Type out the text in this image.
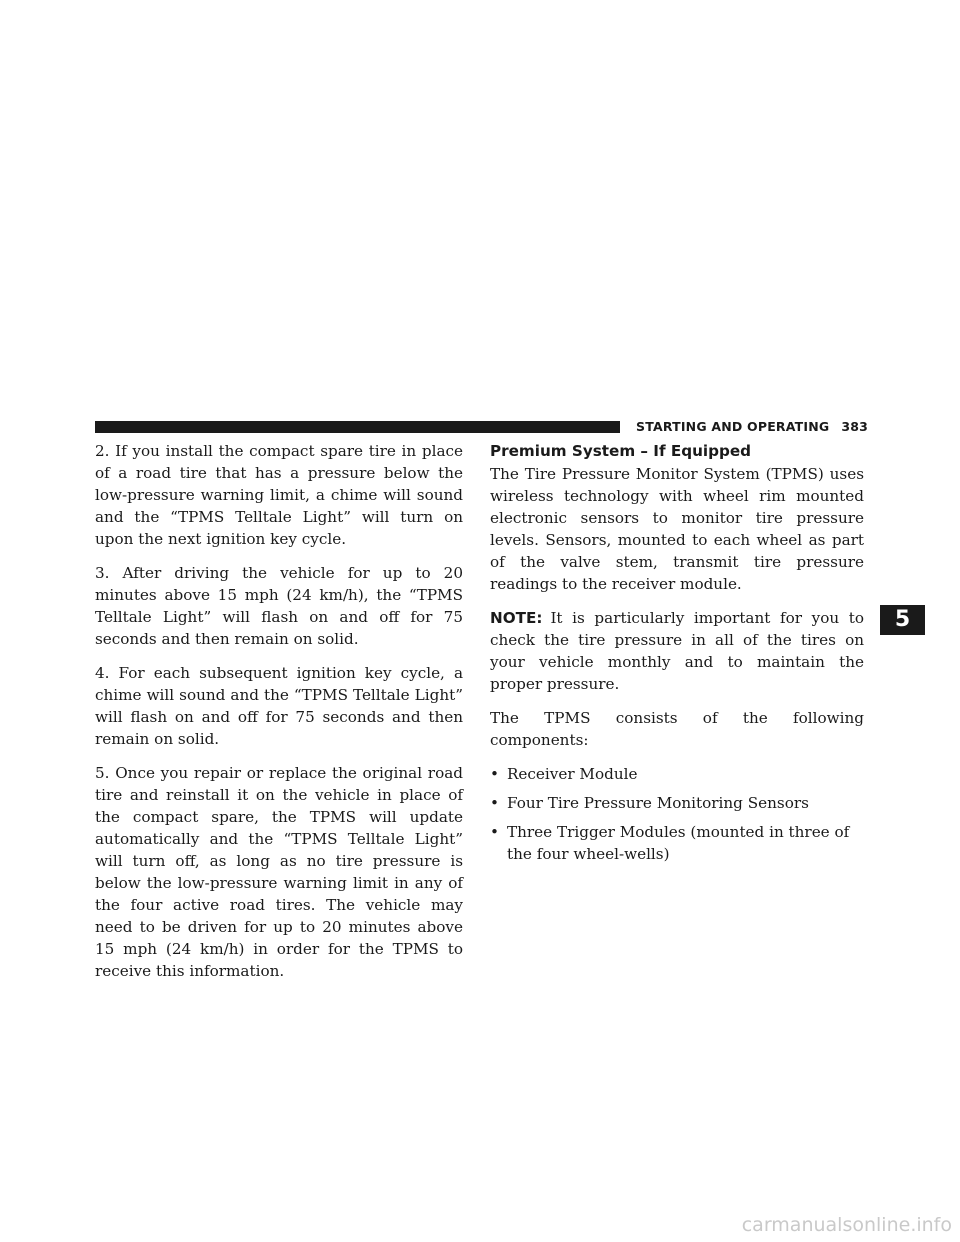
STARTING AND OPERATING 383

2. If you install the compact spare tire in place of a road tire that has a pressure below the low-pressure warning limit, a chime will sound and the “TPMS Telltale Light” will turn on upon the next ignition key cycle.

3. After driving the vehicle for up to 20 minutes above 15 mph (24 km/h), the “TPMS Telltale Light” will flash on and off for 75 seconds and then remain on solid.

4. For each subsequent ignition key cycle, a chime will sound and the “TPMS Telltale Light” will flash on and off for 75 seconds and then remain on solid.

5. Once you repair or replace the original road tire and reinstall it on the vehicle in place of the compact spare, the TPMS will update automatically and the “TPMS Telltale Light” will turn off, as long as no tire pressure is below the low-pressure warning limit in any of the four active road tires. The vehicle may need to be driven for up to 20 minutes above 15 mph (24 km/h) in order for the TPMS to receive this information.

Premium System – If Equipped

The Tire Pressure Monitor System (TPMS) uses wireless technology with wheel rim mounted electronic sensors to monitor tire pressure levels. Sensors, mounted to each wheel as part of the valve stem, transmit tire pressure readings to the receiver module.

NOTE: It is particularly important for you to check the tire pressure in all of the tires on your vehicle monthly and to maintain the proper pressure.

The TPMS consists of the following components:

• Receiver Module
• Four Tire Pressure Monitoring Sensors
• Three Trigger Modules (mounted in three of the four wheel-wells)
5
carmanualsonline.info
